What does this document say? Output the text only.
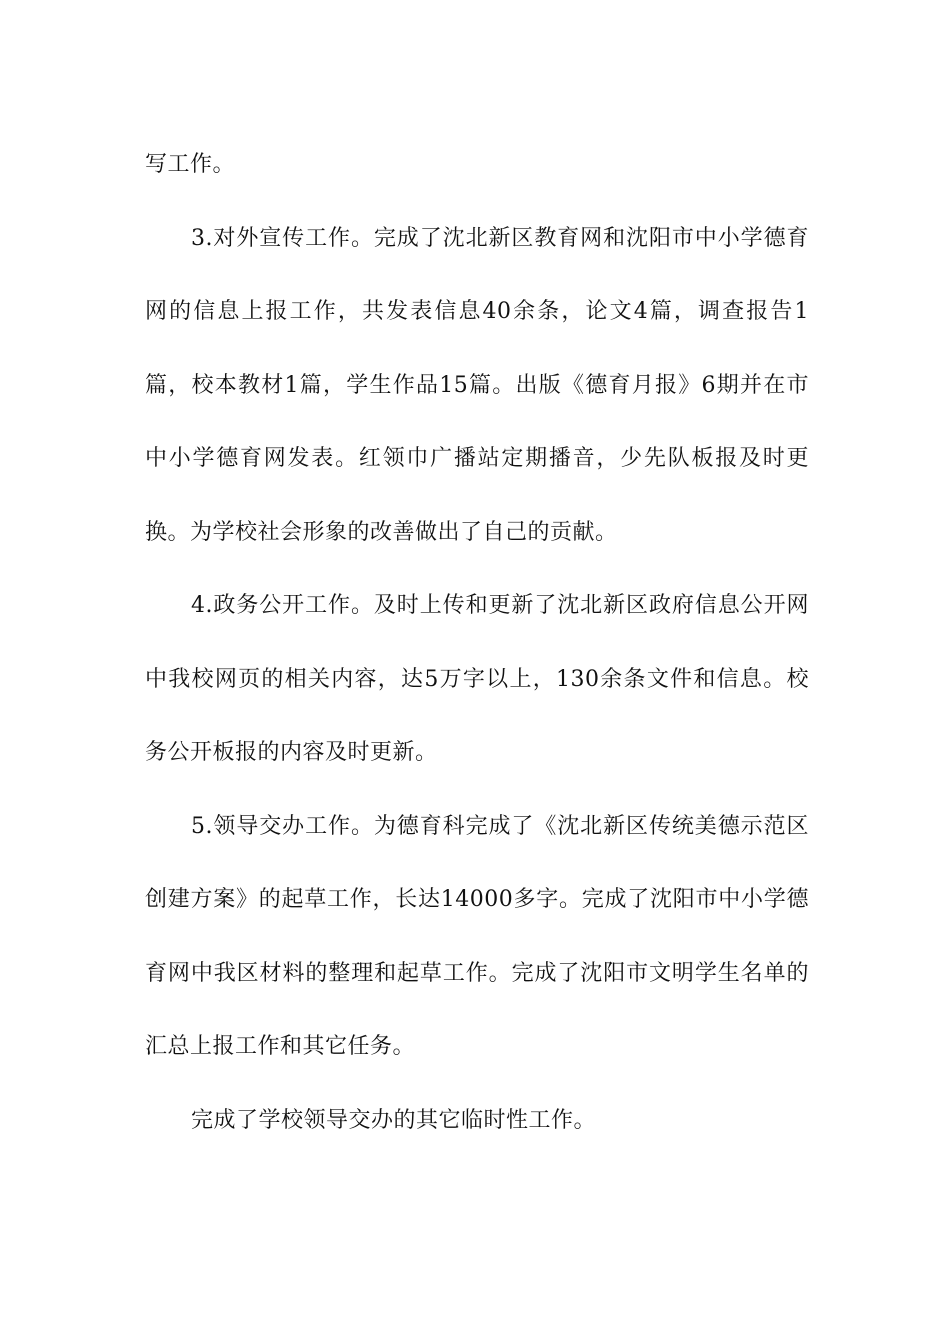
写工作。

3.对外宣传工作。完成了沈北新区教育网和沈阳市中小学德育网的信息上报工作，共发表信息40余条，论文4篇，调查报告1篇，校本教材1篇，学生作品15篇。出版《德育月报》6期并在市中小学德育网发表。红领巾广播站定期播音，少先队板报及时更换。为学校社会形象的改善做出了自己的贡献。

4.政务公开工作。及时上传和更新了沈北新区政府信息公开网中我校网页的相关内容，达5万字以上，130余条文件和信息。校务公开板报的内容及时更新。

5.领导交办工作。为德育科完成了《沈北新区传统美德示范区创建方案》的起草工作，长达14000多字。完成了沈阳市中小学德育网中我区材料的整理和起草工作。完成了沈阳市文明学生名单的汇总上报工作和其它任务。

完成了学校领导交办的其它临时性工作。
